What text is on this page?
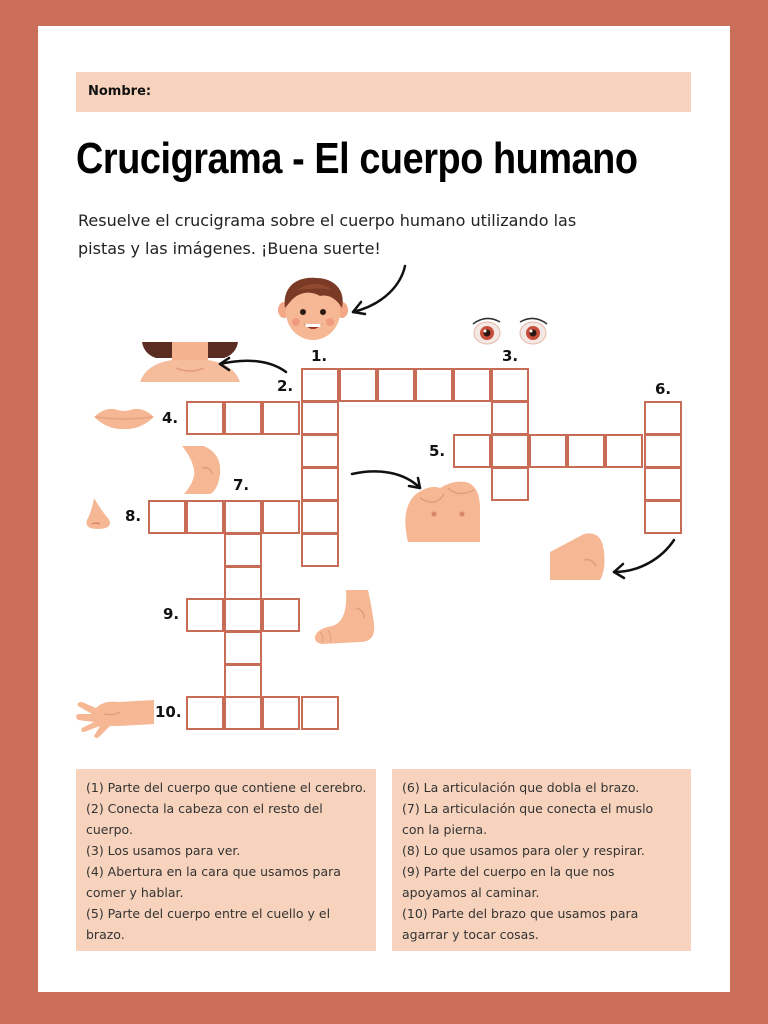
Nombre:
Crucigrama - El cuerpo humano
Resuelve el crucigrama sobre el cuerpo humano utilizando las
pistas y las imágenes. ¡Buena suerte!
1.
2.
3.
4.
5.
6.
7.
8.
9.
10.
(1) Parte del cuerpo que contiene el cerebro.
(2) Conecta la cabeza con el resto del
cuerpo.
(3) Los usamos para ver.
(4) Abertura en la cara que usamos para
comer y hablar.
(5) Parte del cuerpo entre el cuello y el
brazo.
(6) La articulación que dobla el brazo.
(7) La articulación que conecta el muslo
con la pierna.
(8) Lo que usamos para oler y respirar.
(9) Parte del cuerpo en la que nos
apoyamos al caminar.
(10) Parte del brazo que usamos para
agarrar y tocar cosas.
